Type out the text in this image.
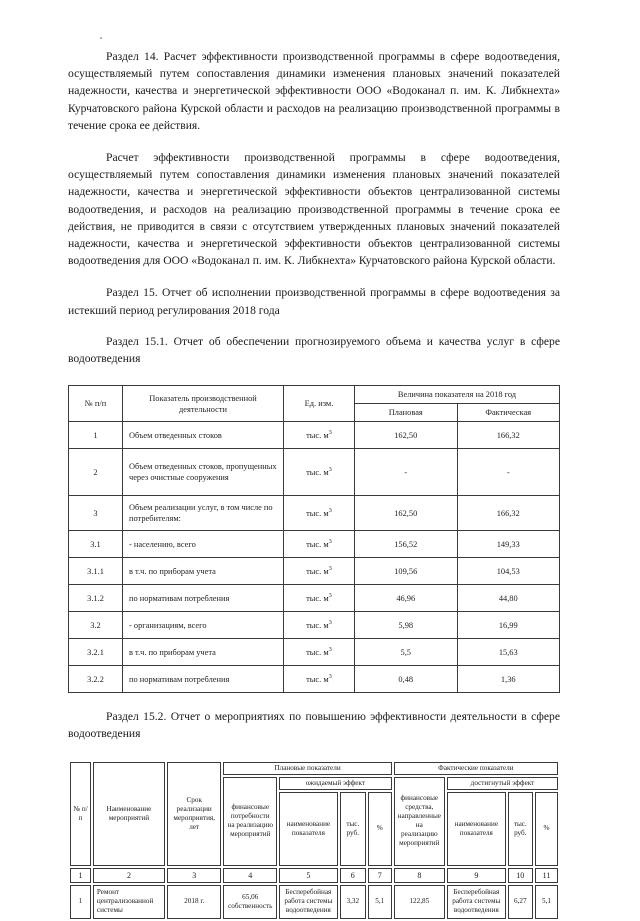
Раздел 14. Расчет эффективности производственной программы в сфере водоотведения, осуществляемый путем сопоставления динамики изменения плановых значений показателей надежности, качества и энергетической эффективности ООО «Водоканал п. им. К. Либкнехта» Курчатовского района Курской области и расходов на реализацию производственной программы в течение срока ее действия.

Расчет эффективности производственной программы в сфере водоотведения, осуществляемый путем сопоставления динамики изменения плановых значений показателей надежности, качества и энергетической эффективности объектов централизованной системы водоотведения, и расходов на реализацию производственной программы в течение срока ее действия, не приводится в связи с отсутствием утвержденных плановых значений показателей надежности, качества и энергетической эффективности объектов централизованной системы водоотведения для ООО «Водоканал п. им. К. Либкнехта» Курчатовского района Курской области.

Раздел 15. Отчет об исполнении производственной программы в сфере водоотведения за истекший период регулирования 2018 года

Раздел 15.1. Отчет об обеспечении прогнозируемого объема и качества услуг в сфере водоотведения

№ п/п	Показатель производственной деятельности	Ед. изм.	Величина показателя на 2018 год	
			Плановая	Фактическая
1	Объем отведенных стоков	тыс. $м^3$	162,50	166,32
2	Объем отведенных стоков, пропущенных через очистные сооружения	тыс. $м^3$	-	-
3	Объем реализации услуг, в том числе по потребителям:	тыс. $м^3$	162,50	166,32
3.1	- населению, всего	тыс. $м^3$	156,52	149,33
3.1.1	в т.ч. по приборам учета	тыс. $м^3$	109,56	104,53
3.1.2	по нормативам потребления	тыс. $м^3$	46,96	44,80
3.2	- организациям, всего	тыс. $м^3$	5,98	16,99
3.2.1	в т.ч. по приборам учета	тыс. $м^3$	5,5	15,63
3.2.2	по нормативам потребления	тыс. $м^3$	0,48	1,36

Раздел 15.2. Отчет о мероприятиях по повышению эффективности деятельности в сфере водоотведения

№ п/п	Наименование мероприятий	Срок реализации мероприятия, лет	Плановые показатели				Фактические показатели			
			финансовые потребности на реализацию мероприятий	ожидаемый эффект			финансовые средства, направленные на реализацию мероприятий	достигнутый эффект		
				наименование показателя	тыс. руб.	%		наименование показателя	тыс. руб.	%
1	2	3	4	5	6	7	8	9	10	11
1	Ремонт централизованной системы	2018 г.	65,06 собственность	Бесперебойная работа системы водоотведения	3,32	5,1	122,85	Бесперебойная работа системы водоотведения	6,27	5,1
